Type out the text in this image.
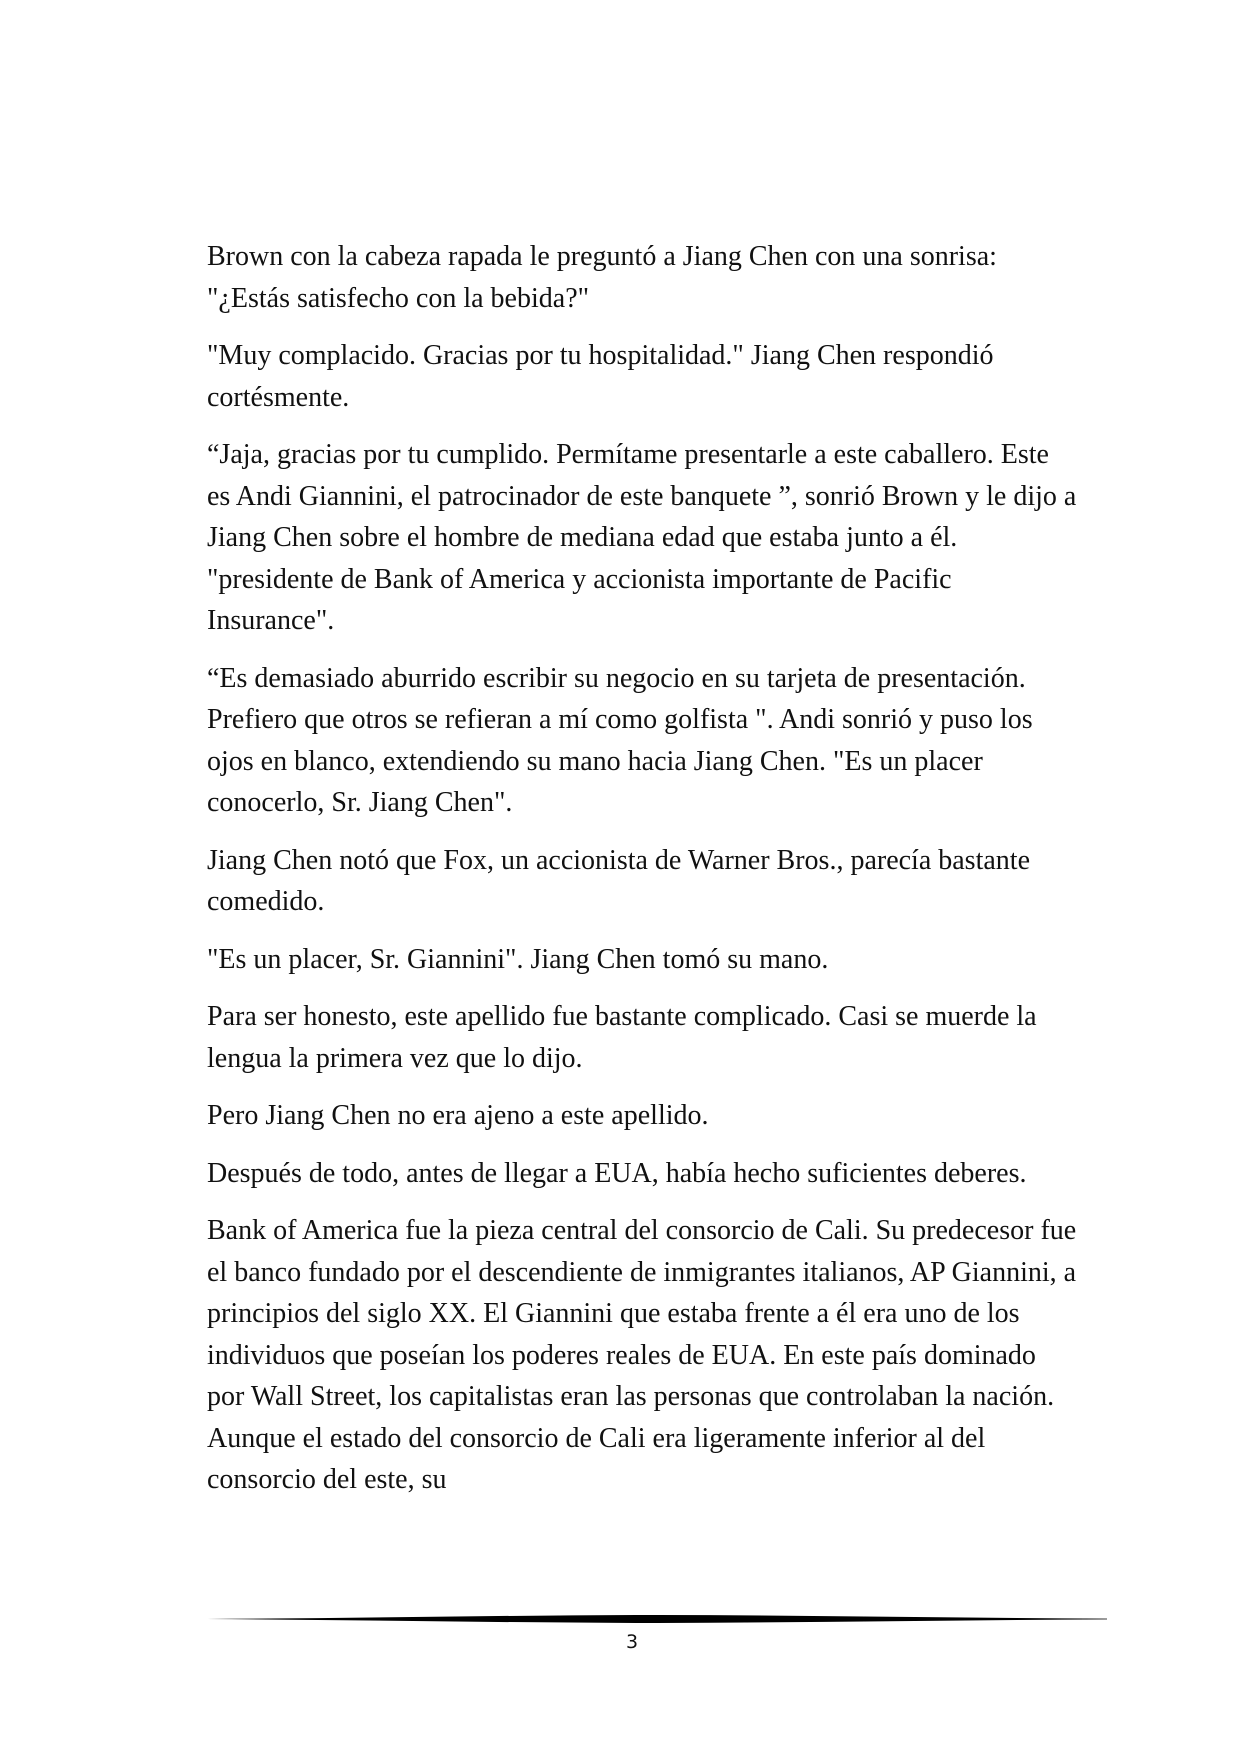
Brown con la cabeza rapada le preguntó a Jiang Chen con una sonrisa: "¿Estás satisfecho con la bebida?"

"Muy complacido. Gracias por tu hospitalidad." Jiang Chen respondió cortésmente.

“Jaja, gracias por tu cumplido. Permítame presentarle a este caballero. Este es Andi Giannini, el patrocinador de este banquete ”, sonrió Brown y le dijo a Jiang Chen sobre el hombre de mediana edad que estaba junto a él. "presidente de Bank of America y accionista importante de Pacific Insurance".

“Es demasiado aburrido escribir su negocio en su tarjeta de presentación. Prefiero que otros se refieran a mí como golfista ". Andi sonrió y puso los ojos en blanco, extendiendo su mano hacia Jiang Chen. "Es un placer conocerlo, Sr. Jiang Chen".

Jiang Chen notó que Fox, un accionista de Warner Bros., parecía bastante comedido.

"Es un placer, Sr. Giannini". Jiang Chen tomó su mano.

Para ser honesto, este apellido fue bastante complicado. Casi se muerde la lengua la primera vez que lo dijo.

Pero Jiang Chen no era ajeno a este apellido.

Después de todo, antes de llegar a EUA, había hecho suficientes deberes.

Bank of America fue la pieza central del consorcio de Cali. Su predecesor fue el banco fundado por el descendiente de inmigrantes italianos, AP Giannini, a principios del siglo XX. El Giannini que estaba frente a él era uno de los individuos que poseían los poderes reales de EUA. En este país dominado por Wall Street, los capitalistas eran las personas que controlaban la nación. Aunque el estado del consorcio de Cali era ligeramente inferior al del consorcio del este, su

3
